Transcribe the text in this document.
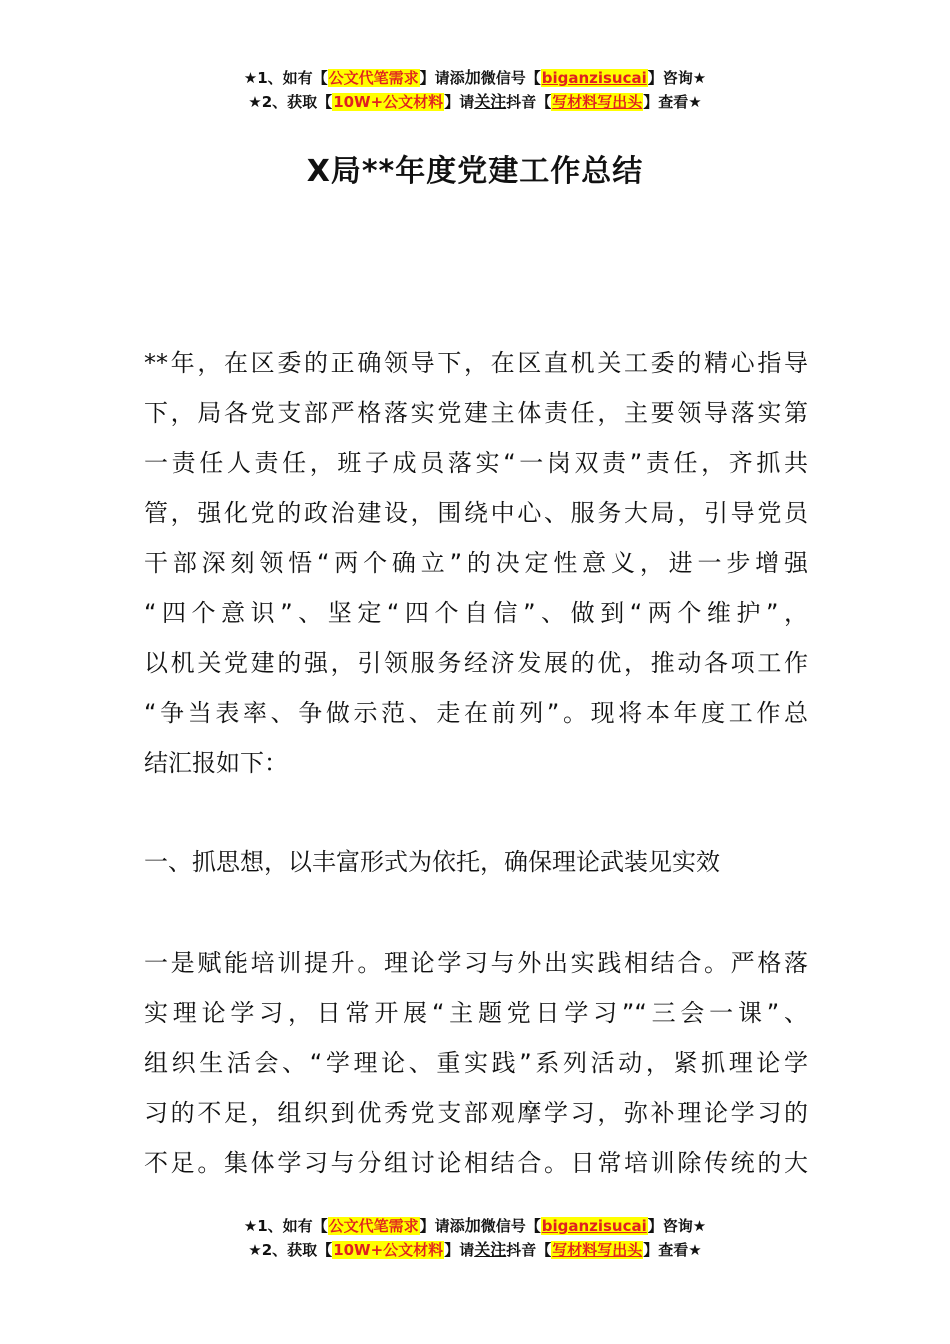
★1、如有【公文代笔需求】请添加微信号【biganzisucai】咨询★
★2、获取【10W+公文材料】请关注抖音【写材料写出头】查看★
X局**年度党建工作总结
**年，在区委的正确领导下，在区直机关工委的精心指导
下，局各党支部严格落实党建主体责任，主要领导落实第
一责任人责任，班子成员落实“一岗双责”责任，齐抓共
管，强化党的政治建设，围绕中心、服务大局，引导党员
干部深刻领悟“两个确立”的决定性意义，进一步增强
“四个意识”、坚定“四个自信”、做到“两个维护”，
以机关党建的强，引领服务经济发展的优，推动各项工作
“争当表率、争做示范、走在前列”。现将本年度工作总
结汇报如下：
一、抓思想，以丰富形式为依托，确保理论武装见实效
一是赋能培训提升。理论学习与外出实践相结合。严格落
实理论学习，日常开展“主题党日学习”“三会一课”、
组织生活会、“学理论、重实践”系列活动，紧抓理论学
习的不足，组织到优秀党支部观摩学习，弥补理论学习的
不足。集体学习与分组讨论相结合。日常培训除传统的大
★1、如有【公文代笔需求】请添加微信号【biganzisucai】咨询★
★2、获取【10W+公文材料】请关注抖音【写材料写出头】查看★
